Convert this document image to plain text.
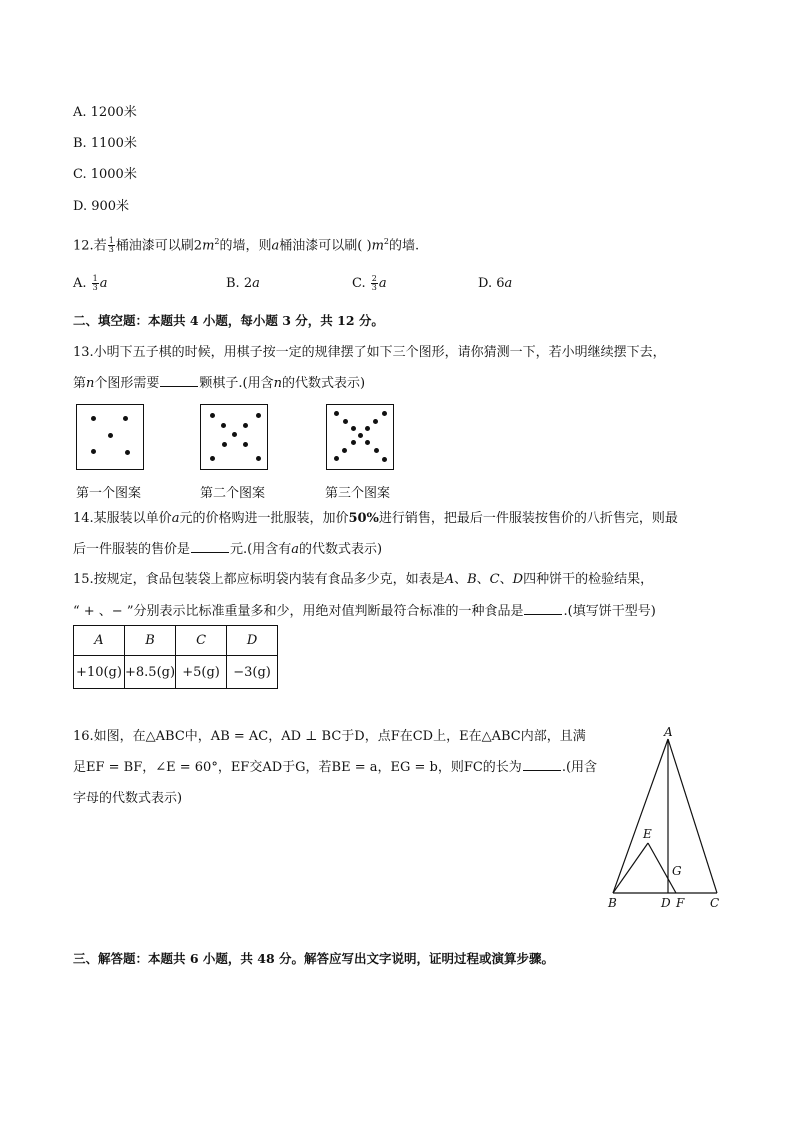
A. 1200米
B. 1100米
C. 1000米
D. 900米
12.若 $\frac{1}{3}$ 桶油漆可以刷$2m^2$的墙，则a桶油漆可以刷( )$m^2$的墙.
A. $\frac{1}{3}$ a	B. 2a	C. $\frac{2}{3}$ a	D. 6a
二、填空题：本题共 4 小题，每小题 3 分，共 12 分。
13.小明下五子棋的时候，用棋子按一定的规律摆了如下三个图形，请你猜测一下，若小明继续摆下去，
第n个图形需要	颗棋子.(用含n的代数式表示)
第一个图案	第二个图案	第三个图案
14.某服装以单价a元的价格购进一批服装，加价50%进行销售，把最后一件服装按售价的八折售完，则最
后一件服装的售价是	元.(用含有a的代数式表示)
15.按规定，食品包装袋上都应标明袋内装有食品多少克，如表是A、B、C、D四种饼干的检验结果，
“ + 、− ”分别表示比标准重量多和少，用绝对值判断最符合标准的一种食品是	.(填写饼干型号)
A	B	C	D
+10(g)	+8.5(g)	+5(g)	−3(g)
16.如图，在△ABC中，AB = AC，AD ⊥ BC于D，点F在CD上，E在△ABC内部，且满
足EF = BF，∠E = 60°，EF交AD于G，若BE = a，EG = b，则FC的长为	.(用含
字母的代数式表示)
A
B	C
D
E
F
G
三、解答题：本题共 6 小题，共 48 分。解答应写出文字说明，证明过程或演算步骤。
